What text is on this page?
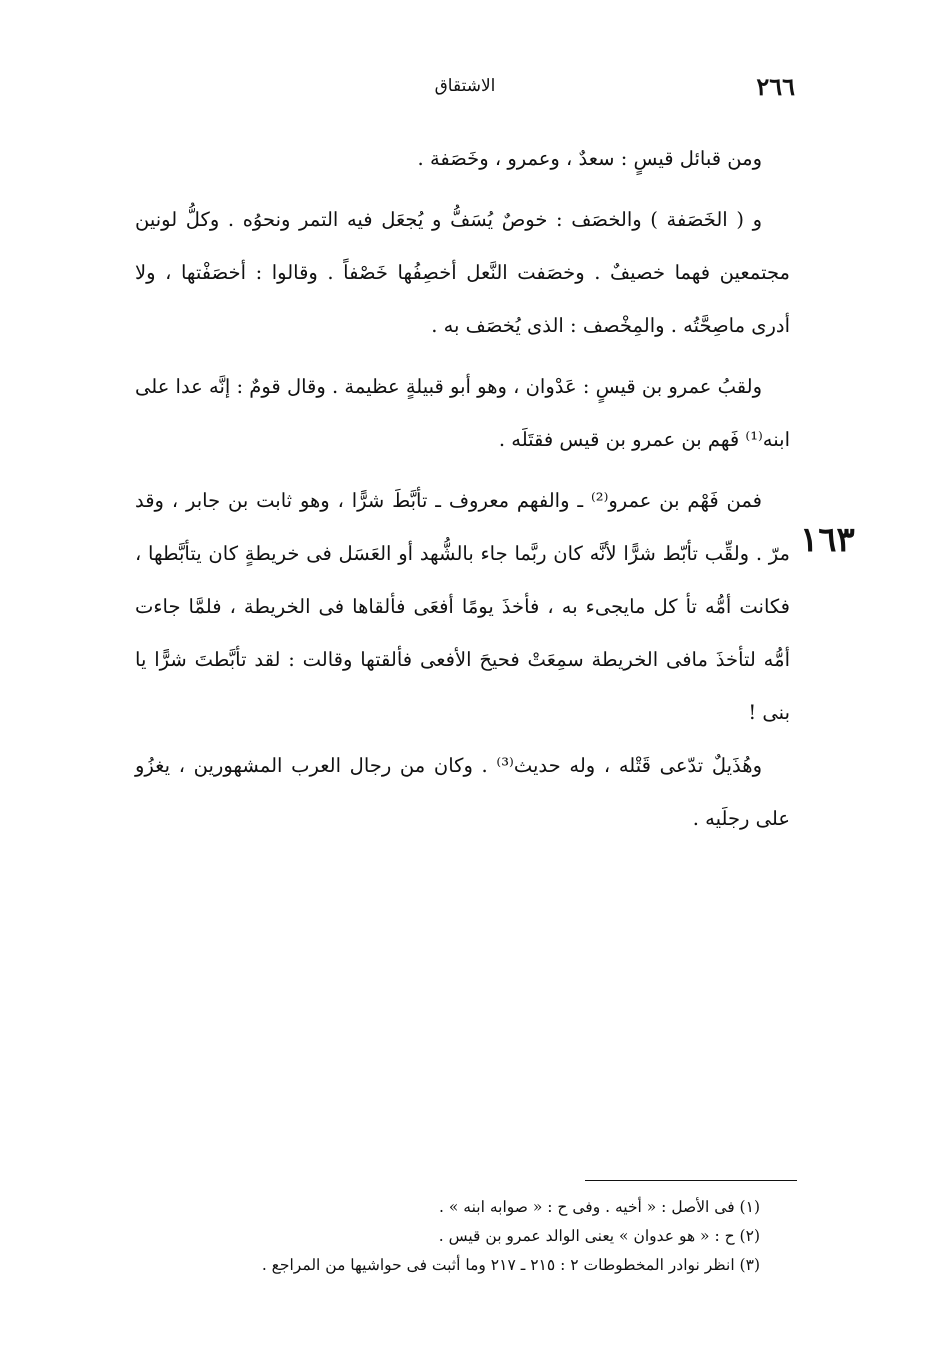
٢٦٦
الاشتقاق

ومن قبائل قيسٍ : سعدٌ ، وعمرو ، وخَصَفة .

و ( الخَصَفة ) والخصَف : خوصٌ يُسَفُّ و يُجعَل فيه التمر ونحوُه . وكلُّ لونين مجتمعين فهما خصيفٌ . وخصَفت النَّعل أخصِفُها خَصْفاً . وقالوا : أخصَفْتها ، ولا أدرى ماصِحَّتُه . والمِخْصف : الذى يُخصَف به .

ولقبُ عمرو بن قيسٍ : عَدْوان ، وهو أبو قبيلةٍ عظيمة . وقال قومٌ : إنَّه عدا على ابنه⁽¹⁾ فَهم بن عمرو بن قيس فقتَلَه .

فمن فَهْم بن عمرو⁽²⁾ ـ والفهم معروف ـ تأبَّطَ شرًّا ، وهو ثابت بن جابر ، وقد مرّ . ولقِّب تأبّط شرًّا لأنَّه كان ربَّما جاء بالشُّهد أو العَسَل فى خريطةٍ كان يتأبَّطها ، فكانت أمُّه تأ كل مايجىء به ، فأخذَ يومًا أفعَى فألقاها فى الخريطة ، فلمَّا جاءت أمُّه لتأخذَ مافى الخريطة سمِعَتْ فحيحَ الأفعى فألقتها وقالت : لقد تأبَّطتَ شرًّا يا بنى !

وهُذَيلٌ تدّعى قَتْله ، وله حديث⁽³⁾ . وكان من رجال العرب المشهورين ، يغزُو على رجلَيه .

١٦٣

(١) فى الأصل : « أخيه . وفى ح : « صوابه ابنه » .

(٢) ح : « هو عدوان » يعنى الوالد عمرو بن قيس .

(٣) انظر نوادر المخطوطات ٢ : ٢١٥ ـ ٢١٧ وما أثبت فى حواشيها من المراجع .
